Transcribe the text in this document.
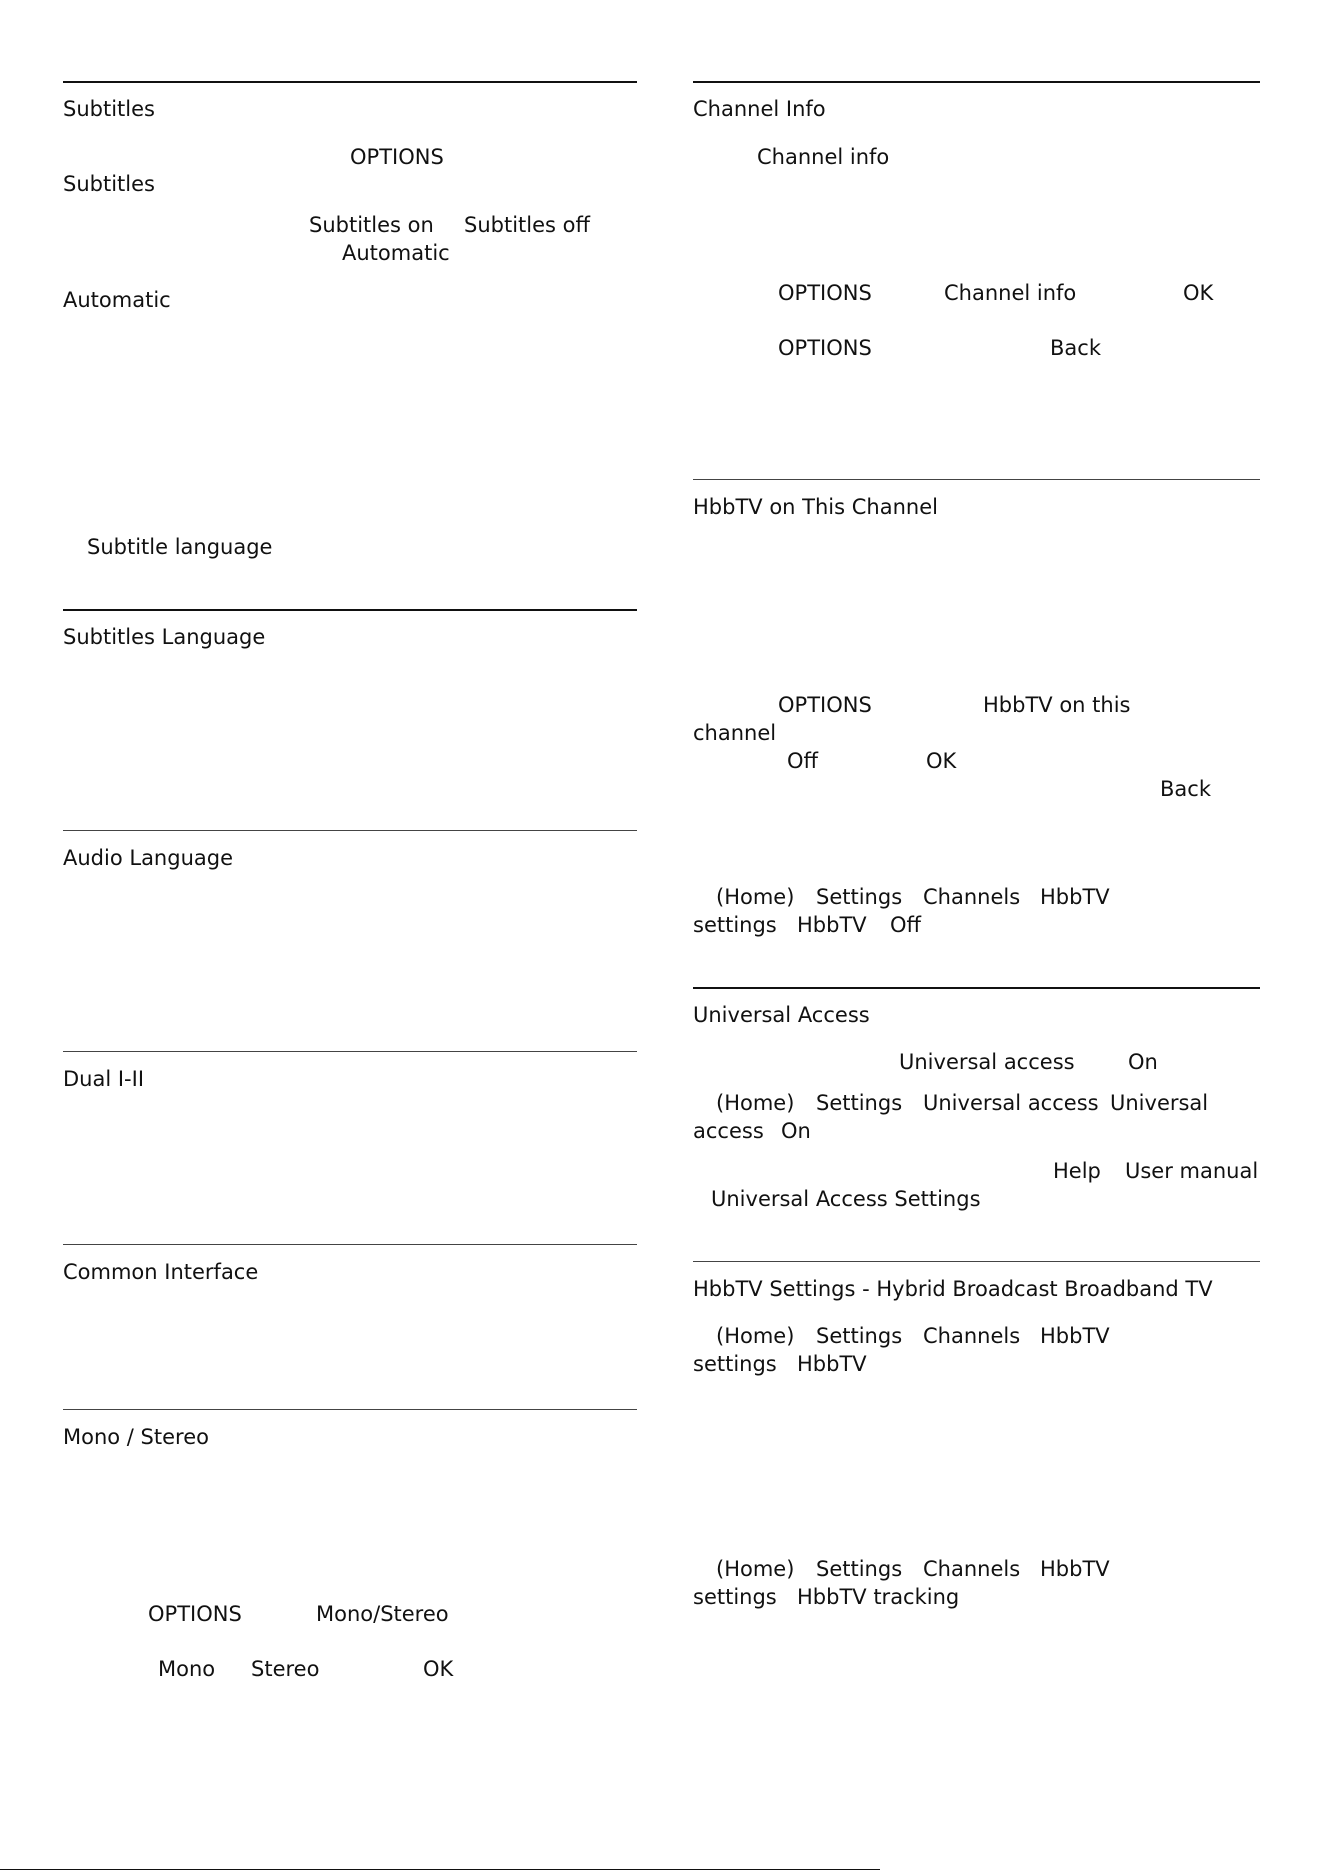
Subtitles
OPTIONS
Subtitles
Subtitles on Subtitles off
Automatic
Automatic
Subtitle language
Subtitles Language
Audio Language
Dual I-II
Common Interface
Mono / Stereo
OPTIONS	Mono/Stereo
Mono Stereo	OK
Channel Info
Channel info
OPTIONS	Channel info	OK
OPTIONS	Back
HbbTV on This Channel
OPTIONS	HbbTV on this
channel
Off	OK
Back
(Home) Settings Channels HbbTV
settings HbbTV Off
Universal Access
Universal access	On
(Home) Settings Universal access Universal
access On
Help User manual
Universal Access Settings
HbbTV Settings - Hybrid Broadcast Broadband TV
(Home) Settings Channels HbbTV
settings HbbTV
(Home) Settings Channels HbbTV
settings HbbTV tracking
